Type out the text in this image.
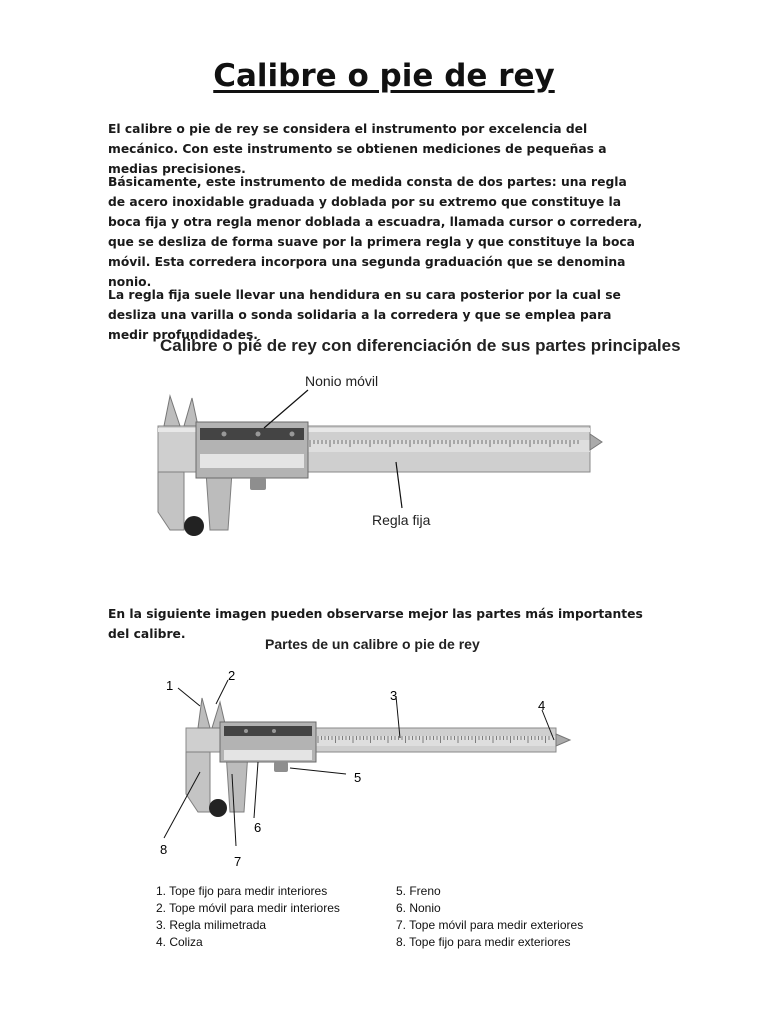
Calibre o pie de rey

El calibre o pie de rey se considera el instrumento por excelencia del mecánico. Con este instrumento se obtienen mediciones de pequeñas a medias precisiones.

Básicamente, este instrumento de medida consta de dos partes: una regla de acero inoxidable graduada y doblada por su extremo que constituye la boca fija y otra regla menor doblada a escuadra, llamada cursor o corredera, que se desliza de forma suave por la primera regla y que constituye la boca móvil. Esta corredera incorpora una segunda graduación que se denomina nonio.

La regla fija suele llevar una hendidura en su cara posterior por la cual se desliza una varilla o sonda solidaria a la corredera y que se emplea para medir profundidades.

Calibre o pié de rey con diferenciación de sus partes principales
Nonio móvil
Regla fija

En la siguiente imagen pueden observarse mejor las partes más importantes del calibre.

Partes de un calibre o pie de rey
1
2
3
4
5
6
7
8
1. Tope fijo para medir interiores
2. Tope móvil para medir interiores
3. Regla milimetrada
4. Coliza
5. Freno
6. Nonio
7. Tope móvil para medir exteriores
8. Tope fijo para medir exteriores
